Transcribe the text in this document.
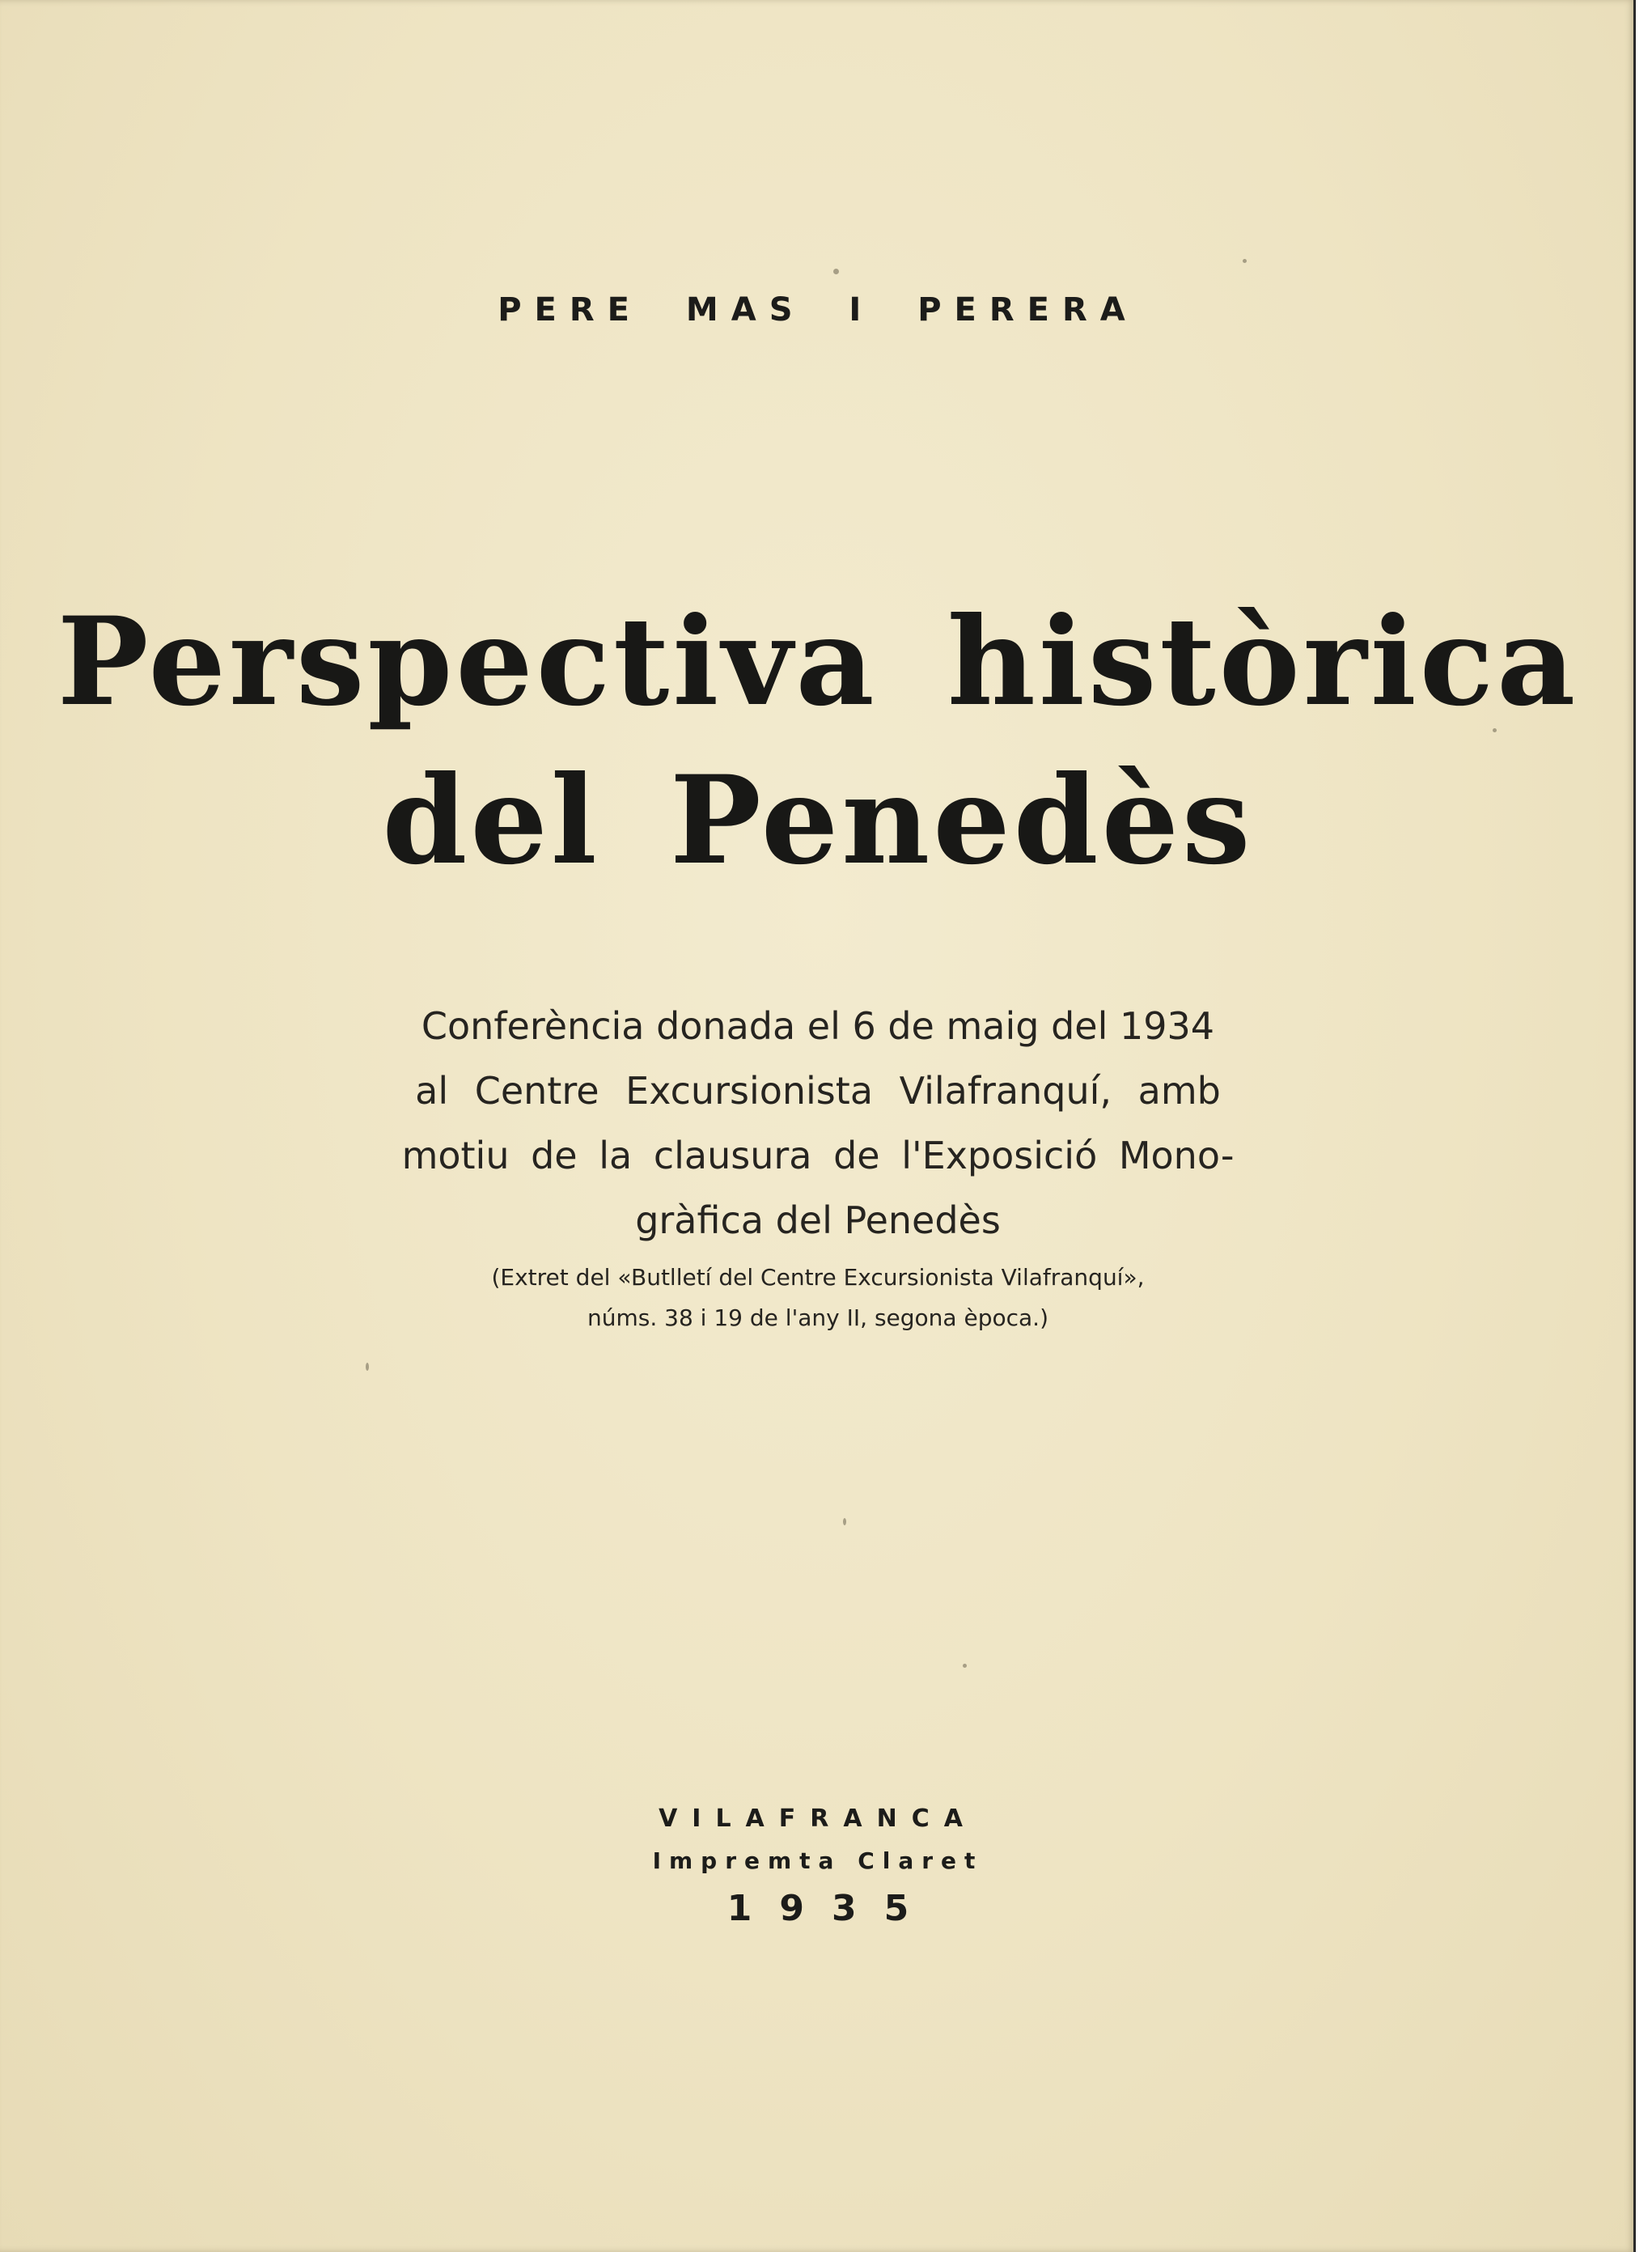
PERE MAS I PERERA
Perspectiva històrica
del Penedès
Conferència donada el 6 de maig del 1934
al Centre Excursionista Vilafranquí, amb
motiu de la clausura de l'Exposició Mono-
gràfica del Penedès
(Extret del «Butlletí del Centre Excursionista Vilafranquí»,
núms. 38 i 19 de l'any II, segona època.)
VILAFRANCA
Impremta Claret
1935
